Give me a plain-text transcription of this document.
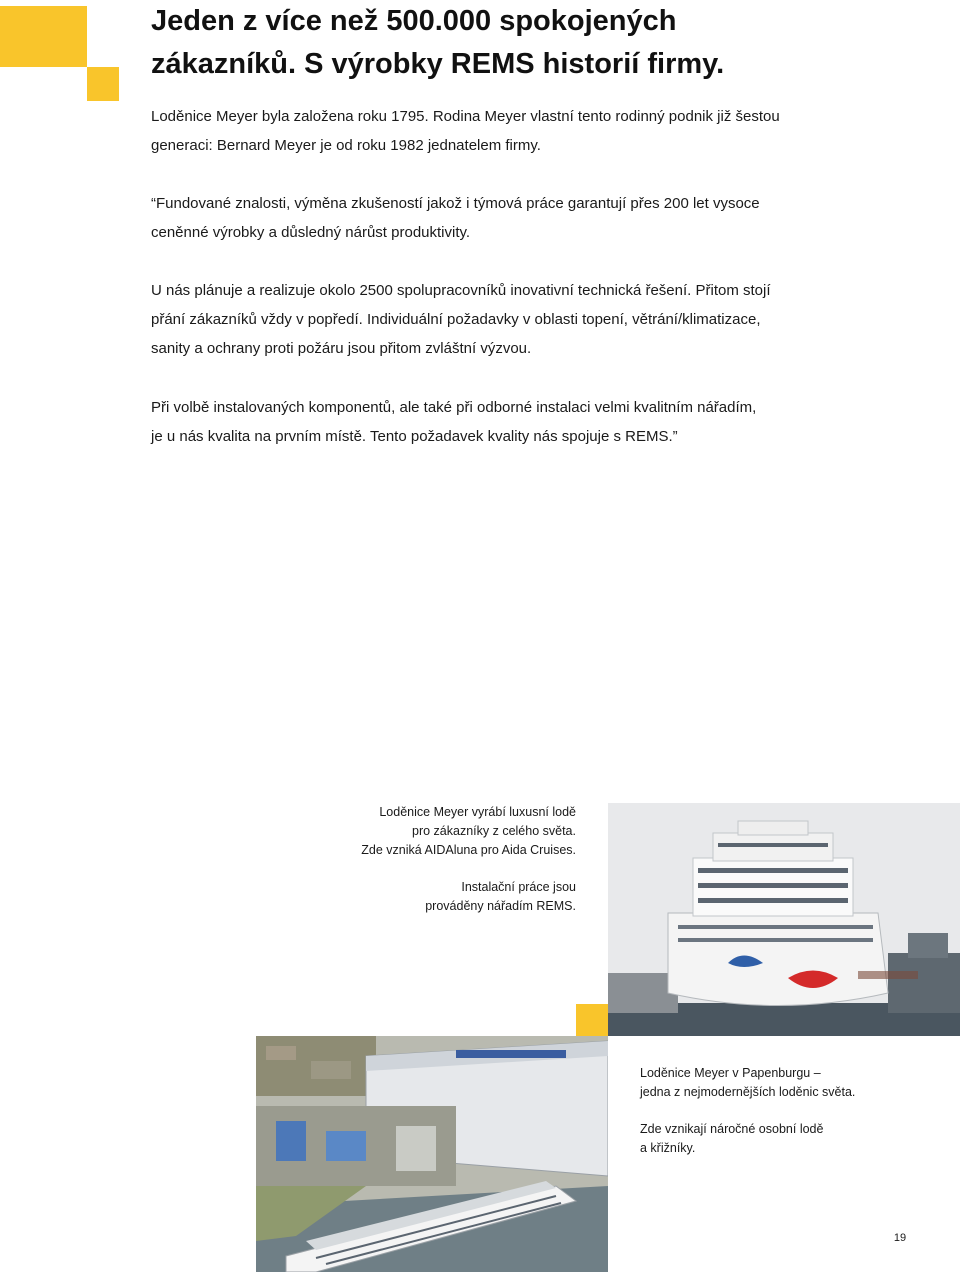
Jeden z více než 500.000 spokojených
zákazníků. S výrobky REMS historií firmy.

Loděnice Meyer byla založena roku 1795. Rodina Meyer vlastní tento rodinný podnik již šestou
generaci: Bernard Meyer je od roku 1982 jednatelem firmy.

“Fundované znalosti, výměna zkušeností jakož i týmová práce garantují přes 200 let vysoce
ceněnné výrobky a důsledný nárůst produktivity.

U nás plánuje a realizuje okolo 2500 spolupracovníků inovativní technická řešení. Přitom stojí
přání zákazníků vždy v popředí. Individuální požadavky v oblasti topení, větrání/klimatizace,
sanity a ochrany proti požáru jsou přitom zvláštní výzvou.

Při volbě instalovaných komponentů, ale také při odborné instalaci velmi kvalitním nářadím,
je u nás kvalita na prvním místě. Tento požadavek kvality nás spojuje s REMS.”

Loděnice Meyer vyrábí luxusní lodě
pro zákazníky z celého světa.
Zde vzniká AIDAluna pro Aida Cruises.

Instalační práce jsou
prováděny nářadím REMS.

Loděnice Meyer v Papenburgu –
jedna z nejmodernějších loděnic světa.

Zde vznikají náročné osobní lodě
a křižníky.

19
